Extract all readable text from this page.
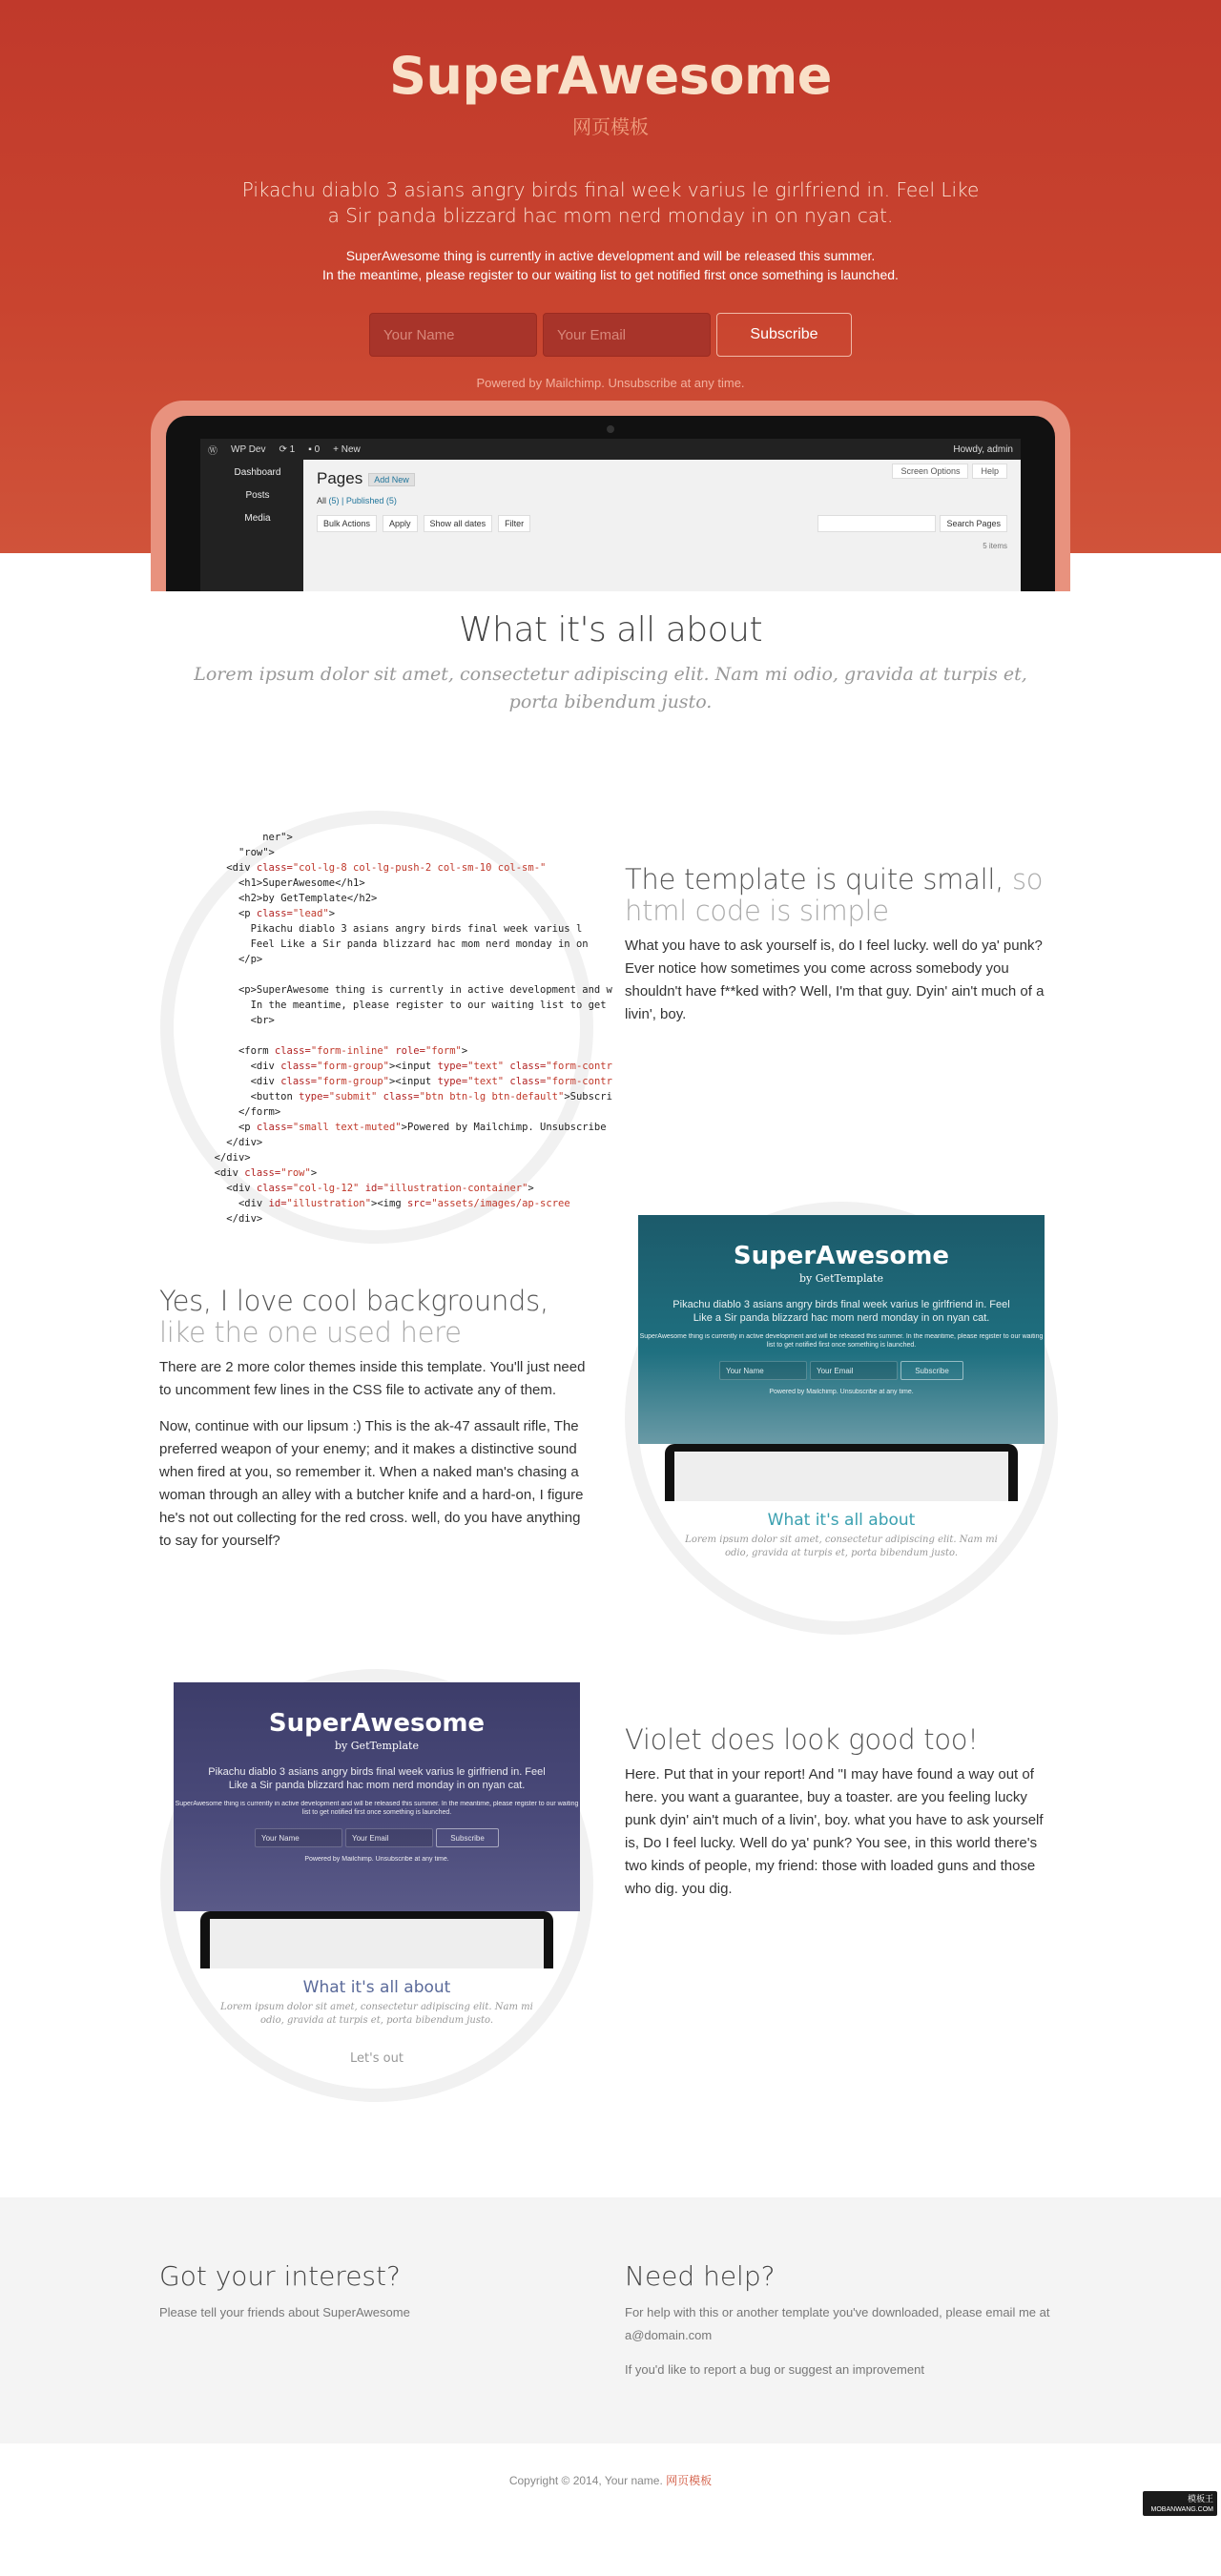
SuperAwesome
网页模板

Pikachu diablo 3 asians angry birds final week varius le girlfriend in. Feel Like a Sir panda blizzard hac mom nerd monday in on nyan cat.

SuperAwesome thing is currently in active development and will be released this summer.
In the meantime, please register to our waiting list to get notified first once something is launched.

Your Name
Your Email
Subscribe

Powered by Mailchimp. Unsubscribe at any time.

Ⓦ WP Dev ⟳ 1 ▪ 0 + New	Howdy, admin
Dashboard
Posts
Media
Screen Options	Help
Pages Add New
All (5) | Published (5)
Search Pages
Bulk Actions	Apply	Show all dates	Filter
5 items
What it's all about

Lorem ipsum dolor sit amet, consectetur adipiscing elit. Nam mi odio, gravida at turpis et, porta bibendum justo.

ner">
"row">
<div class="col-lg-8 col-lg-push-2 col-sm-10 col-sm-"
<h1>SuperAwesome</h1>
<h2>by GetTemplate</h2>
<p class="lead">
Pikachu diablo 3 asians angry birds final week varius l
Feel Like a Sir panda blizzard hac mom nerd monday in on
</p>

<p>SuperAwesome thing is currently in active development and w
In the meantime, please register to our waiting list to get
<br>

<form class="form-inline" role="form">
<div class="form-group"><input type="text" class="form-contr
<div class="form-group"><input type="text" class="form-contr
<button type="submit" class="btn btn-lg btn-default">Subscri
</form>
<p class="small text-muted">Powered by Mailchimp. Unsubscribe
</div>
</div>
<div class="row">
<div class="col-lg-12" id="illustration-container">
<div id="illustration"><img src="assets/images/ap-scree
</div>
The template is quite small, so html code is simple

What you have to ask yourself is, do I feel lucky. well do ya' punk? Ever notice how sometimes you come across somebody you shouldn't have f**ked with? Well, I'm that guy. Dyin' ain't much of a livin', boy.

Yes, I love cool backgrounds, like the one used here

There are 2 more color themes inside this template. You'll just need to uncomment few lines in the CSS file to activate any of them.

Now, continue with our lipsum :) This is the ak-47 assault rifle, The preferred weapon of your enemy; and it makes a distinctive sound when fired at you, so remember it. When a naked man's chasing a woman through an alley with a butcher knife and a hard-on, I figure he's not out collecting for the red cross. well, do you have anything to say for yourself?

SuperAwesome
by GetTemplate
Pikachu diablo 3 asians angry birds final week varius le girlfriend in. Feel Like a Sir panda blizzard hac mom nerd monday in on nyan cat.
SuperAwesome thing is currently in active development and will be released this summer. In the meantime, please register to our waiting list to get notified first once something is launched.
Your Name	Your Email	Subscribe
Powered by Mailchimp. Unsubscribe at any time.
What it's all about
Lorem ipsum dolor sit amet, consectetur adipiscing elit. Nam mi odio, gravida at turpis et, porta bibendum justo.
SuperAwesome
by GetTemplate
Pikachu diablo 3 asians angry birds final week varius le girlfriend in. Feel Like a Sir panda blizzard hac mom nerd monday in on nyan cat.
SuperAwesome thing is currently in active development and will be released this summer. In the meantime, please register to our waiting list to get notified first once something is launched.
Your Name	Your Email	Subscribe
Powered by Mailchimp. Unsubscribe at any time.
What it's all about
Lorem ipsum dolor sit amet, consectetur adipiscing elit. Nam mi odio, gravida at turpis et, porta bibendum justo.
Let's out
Violet does look good too!

Here. Put that in your report! And "I may have found a way out of here. you want a guarantee, buy a toaster. are you feeling lucky punk dyin' ain't much of a livin', boy. what you have to ask yourself is, Do I feel lucky. Well do ya' punk? You see, in this world there's two kinds of people, my friend: those with loaded guns and those who dig. you dig.

Got your interest?

Please tell your friends about SuperAwesome

Need help?

For help with this or another template you've downloaded, please email me at a@domain.com

If you'd like to report a bug or suggest an improvement

Copyright © 2014, Your name. 网页模板
模板王
MOBANWANG.COM
